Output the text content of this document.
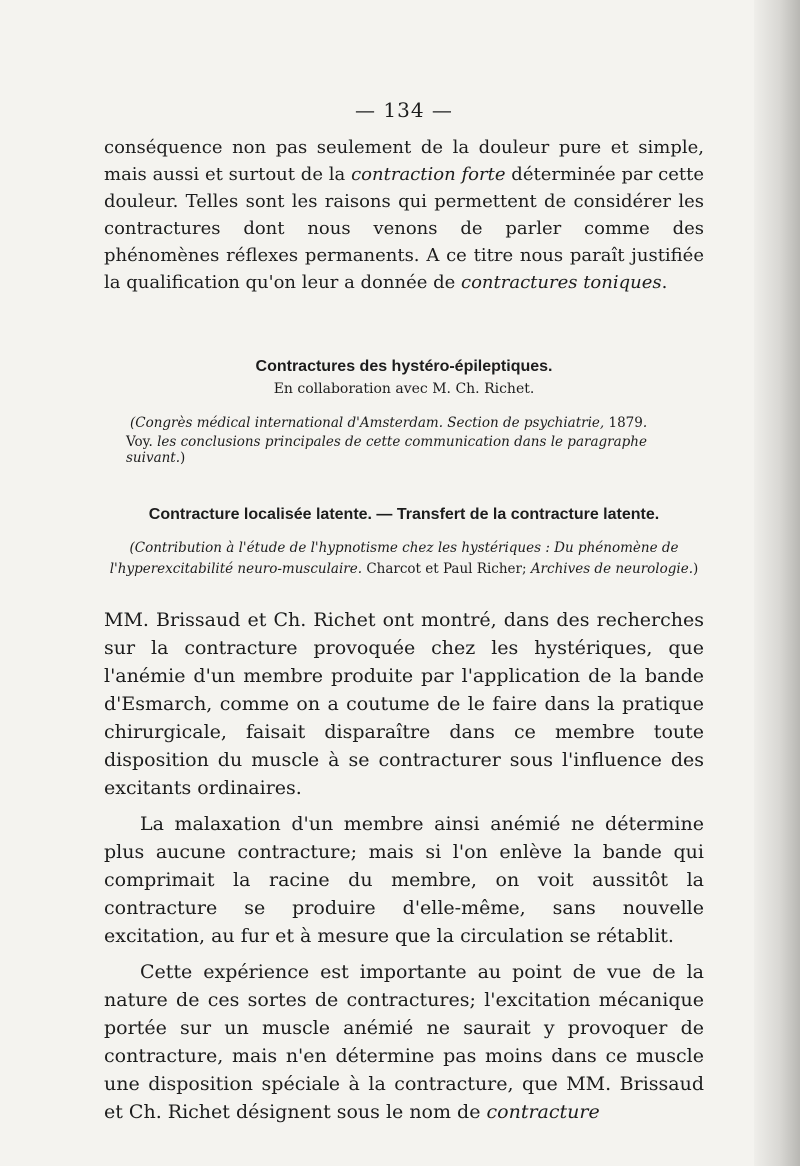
— 134 —

conséquence non pas seulement de la douleur pure et simple, mais aussi et surtout de la contraction forte déterminée par cette douleur. Telles sont les raisons qui permettent de considérer les contractures dont nous venons de parler comme des phénomènes réflexes permanents. A ce titre nous paraît justifiée la qualification qu'on leur a donnée de contractures toniques.

Contractures des hystéro-épileptiques.

En collaboration avec M. Ch. Richet.

(Congrès médical international d'Amsterdam. Section de psychiatrie, 1879.

Voy. les conclusions principales de cette communication dans le paragraphe suivant.)

Contracture localisée latente. — Transfert de la contracture latente.

(Contribution à l'étude de l'hypnotisme chez les hystériques : Du phénomène de l'hyperexcitabilité neuro-musculaire. Charcot et Paul Richer; Archives de neurologie.)

MM. Brissaud et Ch. Richet ont montré, dans des recherches sur la contracture provoquée chez les hystériques, que l'anémie d'un membre produite par l'application de la bande d'Esmarch, comme on a coutume de le faire dans la pratique chirurgicale, faisait disparaître dans ce membre toute disposition du muscle à se contracturer sous l'influence des excitants ordinaires.

La malaxation d'un membre ainsi anémié ne détermine plus aucune contracture; mais si l'on enlève la bande qui comprimait la racine du membre, on voit aussitôt la contracture se produire d'elle-même, sans nouvelle excitation, au fur et à mesure que la circulation se rétablit.

Cette expérience est importante au point de vue de la nature de ces sortes de contractures; l'excitation mécanique portée sur un muscle anémié ne saurait y provoquer de contracture, mais n'en détermine pas moins dans ce muscle une disposition spéciale à la contracture, que MM. Brissaud et Ch. Richet désignent sous le nom de contracture
